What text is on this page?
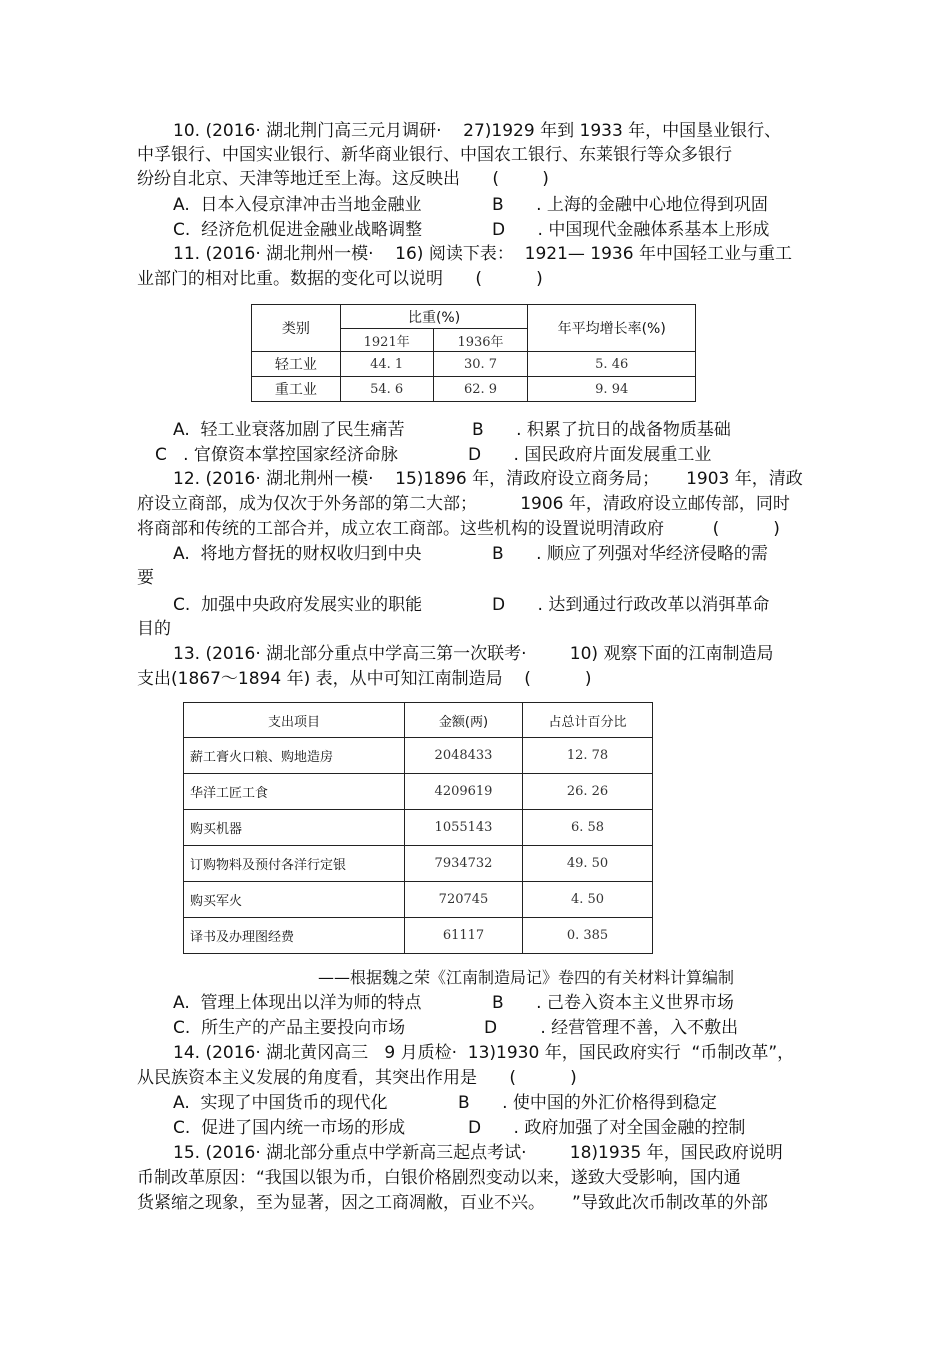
10. (2016· 湖北荆门高三元月调研·    27)1929 年到 1933 年，中国垦业银行、
中孚银行、中国实业银行、新华商业银行、中国农工银行、东莱银行等众多银行
纷纷自北京、天津等地迁至上海。这反映出      (        )
A.  日本入侵京津冲击当地金融业	B      . 上海的金融中心地位得到巩固
C.  经济危机促进金融业战略调整	D      . 中国现代金融体系基本上形成
11. (2016· 湖北荆州一模·    16) 阅读下表：  1921— 1936 年中国轻工业与重工
业部门的相对比重。数据的变化可以说明      (          )
类别	比重(%)		年平均增长率(%)
	1921年	1936年	
轻工业	44. 1	30. 7	5. 46
重工业	54. 6	62. 9	9. 94
A.  轻工业衰落加剧了民生痛苦	B      . 积累了抗日的战备物质基础
C   . 官僚资本掌控国家经济命脉	D      . 国民政府片面发展重工业
12. (2016· 湖北荆州一模·    15)1896 年，清政府设立商务局；     1903 年，清政
府设立商部，成为仅次于外务部的第二大部；        1906 年，清政府设立邮传部，同时
将商部和传统的工部合并，成立农工商部。这些机构的设置说明清政府         (          )
A.  将地方督抚的财权收归到中央	B      . 顺应了列强对华经济侵略的需
要
C.  加强中央政府发展实业的职能	D      . 达到通过行政改革以消弭革命
目的
13. (2016· 湖北部分重点中学高三第一次联考·        10) 观察下面的江南制造局
支出(1867～1894 年) 表，从中可知江南制造局    (          )
支出项目	金额(两)	占总计百分比
薪工膏火口粮、购地造房	2048433	12. 78
华洋工匠工食	4209619	26. 26
购买机器	1055143	6. 58
订购物料及预付各洋行定银	7934732	49. 50
购买军火	720745	4. 50
译书及办理图经费	61117	0. 385
——根据魏之荣《江南制造局记》卷四的有关材料计算编制
A.  管理上体现出以洋为师的特点	B      . 己卷入资本主义世界市场
C.  所生产的产品主要投向市场	D        . 经营管理不善，入不敷出
14. (2016· 湖北黄冈高三   9 月质检·  13)1930 年，国民政府实行  “币制改革”，
从民族资本主义发展的角度看，其突出作用是      (          )
A.  实现了中国货币的现代化	B      . 使中国的外汇价格得到稳定
C.  促进了国内统一市场的形成	D      . 政府加强了对全国金融的控制
15. (2016· 湖北部分重点中学新高三起点考试·        18)1935 年，国民政府说明
币制改革原因：“我国以银为币，白银价格剧烈变动以来，遂致大受影响，国内通
货紧缩之现象，至为显著，因之工商凋敝，百业不兴。     ”导致此次币制改革的外部
